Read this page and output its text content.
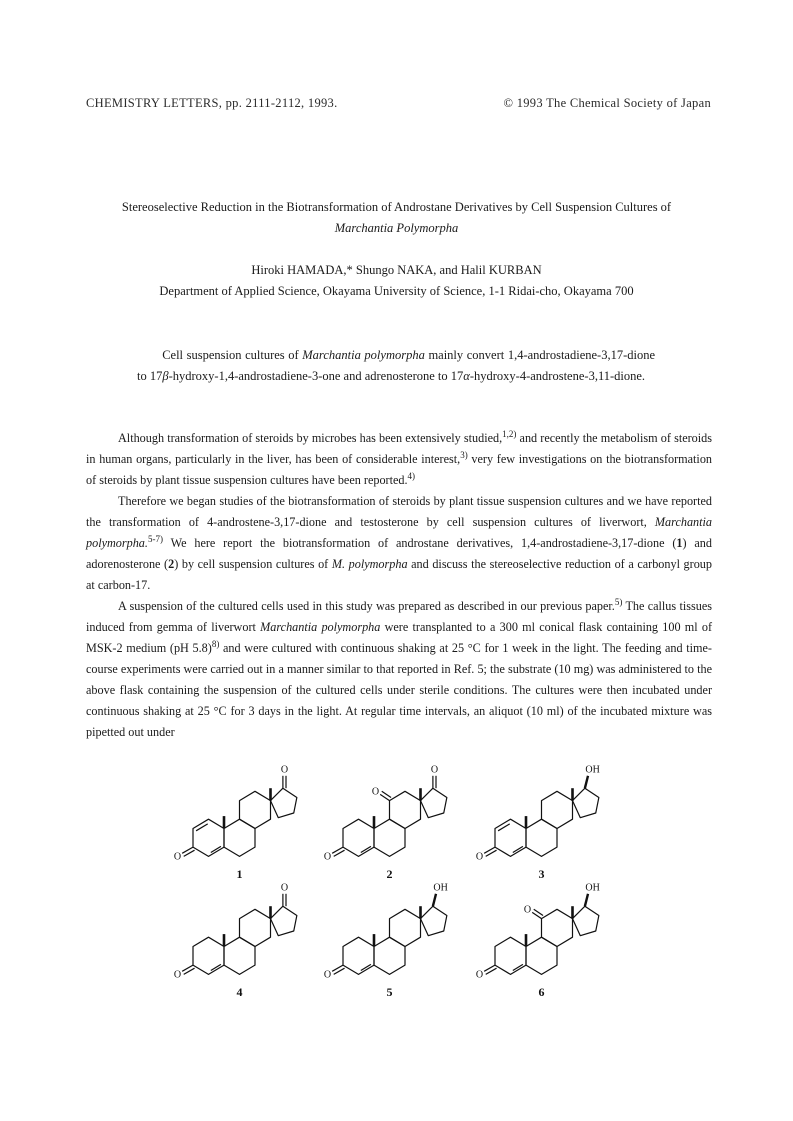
CHEMISTRY LETTERS, pp. 2111-2112, 1993.	© 1993 The Chemical Society of Japan
Stereoselective Reduction in the Biotransformation of Androstane Derivatives by Cell Suspension Cultures of
Marchantia Polymorpha
Hiroki HAMADA,* Shungo NAKA, and Halil KURBAN
Department of Applied Science, Okayama University of Science, 1-1 Ridai-cho, Okayama 700
Cell suspension cultures of Marchantia polymorpha mainly convert 1,4-androstadiene-3,17-dione to 17β-hydroxy-1,4-androstadiene-3-one and adrenosterone to 17α-hydroxy-4-androstene-3,11-dione.

Although transformation of steroids by microbes has been extensively studied,$^{1,2)}$ and recently the metabolism of steroids in human organs, particularly in the liver, has been of considerable interest,$^{3)}$ very few investigations on the biotransformation of steroids by plant tissue suspension cultures have been reported.$^{4)}$

Therefore we began studies of the biotransformation of steroids by plant tissue suspension cultures and we have reported the transformation of 4-androstene-3,17-dione and testosterone by cell suspension cultures of liverwort, Marchantia polymorpha.$^{5-7)}$ We here report the biotransformation of androstane derivatives, 1,4-androstadiene-3,17-dione (1) and adorenosterone (2) by cell suspension cultures of M. polymorpha and discuss the stereoselective reduction of a carbonyl group at carbon-17.

A suspension of the cultured cells used in this study was prepared as described in our previous paper.$^{5)}$ The callus tissues induced from gemma of liverwort Marchantia polymorpha were transplanted to a 300 ml conical flask containing 100 ml of MSK-2 medium (pH 5.8)$^{8)}$ and were cultured with continuous shaking at 25 °C for 1 week in the light. The feeding and time-course experiments were carried out in a manner similar to that reported in Ref. 5; the substrate (10 mg) was administered to the above flask containing the suspension of the cultured cells under sterile conditions. The cultures were then incubated under continuous shaking at 25 °C for 3 days in the light. At regular time intervals, an aliquot (10 ml) of the incubated mixture was pipetted out under

O
O
1
O
O
O
2
O
OH
3
O
O
4
O
OH
5
O
OH
O
6
